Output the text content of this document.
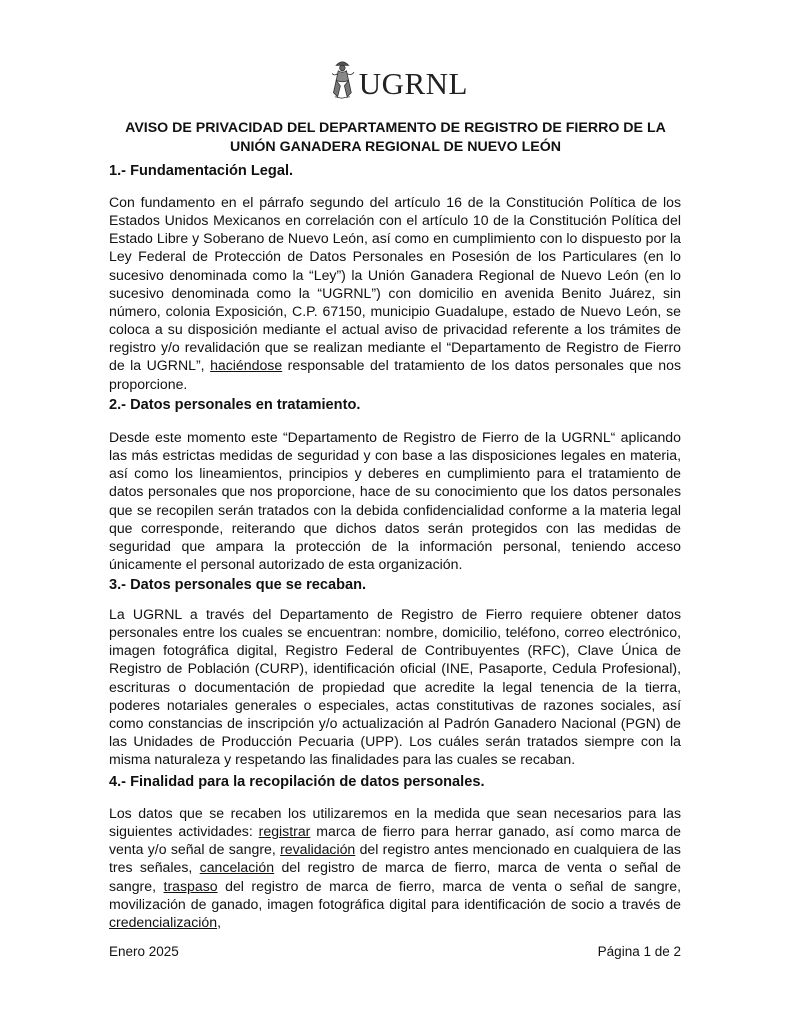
UGRNL
AVISO DE PRIVACIDAD DEL DEPARTAMENTO DE REGISTRO DE FIERRO DE LA
UNIÓN GANADERA REGIONAL DE NUEVO LEÓN
1.- Fundamentación Legal.
Con fundamento en el párrafo segundo del artículo 16 de la Constitución Política de los Estados Unidos Mexicanos en correlación con el artículo 10 de la Constitución Política del Estado Libre y Soberano de Nuevo León, así como en cumplimiento con lo dispuesto por la Ley Federal de Protección de Datos Personales en Posesión de los Particulares (en lo sucesivo denominada como la “Ley”) la Unión Ganadera Regional de Nuevo León (en lo sucesivo denominada como la “UGRNL”) con domicilio en avenida Benito Juárez, sin número, colonia Exposición, C.P. 67150, municipio Guadalupe, estado de Nuevo León, se coloca a su disposición mediante el actual aviso de privacidad referente a los trámites de registro y/o revalidación que se realizan mediante el “Departamento de Registro de Fierro de la UGRNL”, haciéndose responsable del tratamiento de los datos personales que nos proporcione.
2.- Datos personales en tratamiento.
Desde este momento este “Departamento de Registro de Fierro de la UGRNL“ aplicando las más estrictas medidas de seguridad y con base a las disposiciones legales en materia, así como los lineamientos, principios y deberes en cumplimiento para el tratamiento de datos personales que nos proporcione, hace de su conocimiento que los datos personales que se recopilen serán tratados con la debida confidencialidad conforme a la materia legal que corresponde, reiterando que dichos datos serán protegidos con las medidas de seguridad que ampara la protección de la información personal, teniendo acceso únicamente el personal autorizado de esta organización.
3.- Datos personales que se recaban.
La UGRNL a través del Departamento de Registro de Fierro requiere obtener datos personales entre los cuales se encuentran: nombre, domicilio, teléfono, correo electrónico, imagen fotográfica digital, Registro Federal de Contribuyentes (RFC), Clave Única de Registro de Población (CURP), identificación oficial (INE, Pasaporte, Cedula Profesional), escrituras o documentación de propiedad que acredite la legal tenencia de la tierra, poderes notariales generales o especiales, actas constitutivas de razones sociales, así como constancias de inscripción y/o actualización al Padrón Ganadero Nacional (PGN) de las Unidades de Producción Pecuaria (UPP). Los cuáles serán tratados siempre con la misma naturaleza y respetando las finalidades para las cuales se recaban.
4.- Finalidad para la recopilación de datos personales.
Los datos que se recaben los utilizaremos en la medida que sean necesarios para las siguientes actividades: registrar marca de fierro para herrar ganado, así como marca de venta y/o señal de sangre, revalidación del registro antes mencionado en cualquiera de las tres señales, cancelación del registro de marca de fierro, marca de venta o señal de sangre, traspaso del registro de marca de fierro, marca de venta o señal de sangre, movilización de ganado, imagen fotográfica digital para identificación de socio a través de credencialización,
Enero 2025	Página 1 de 2
